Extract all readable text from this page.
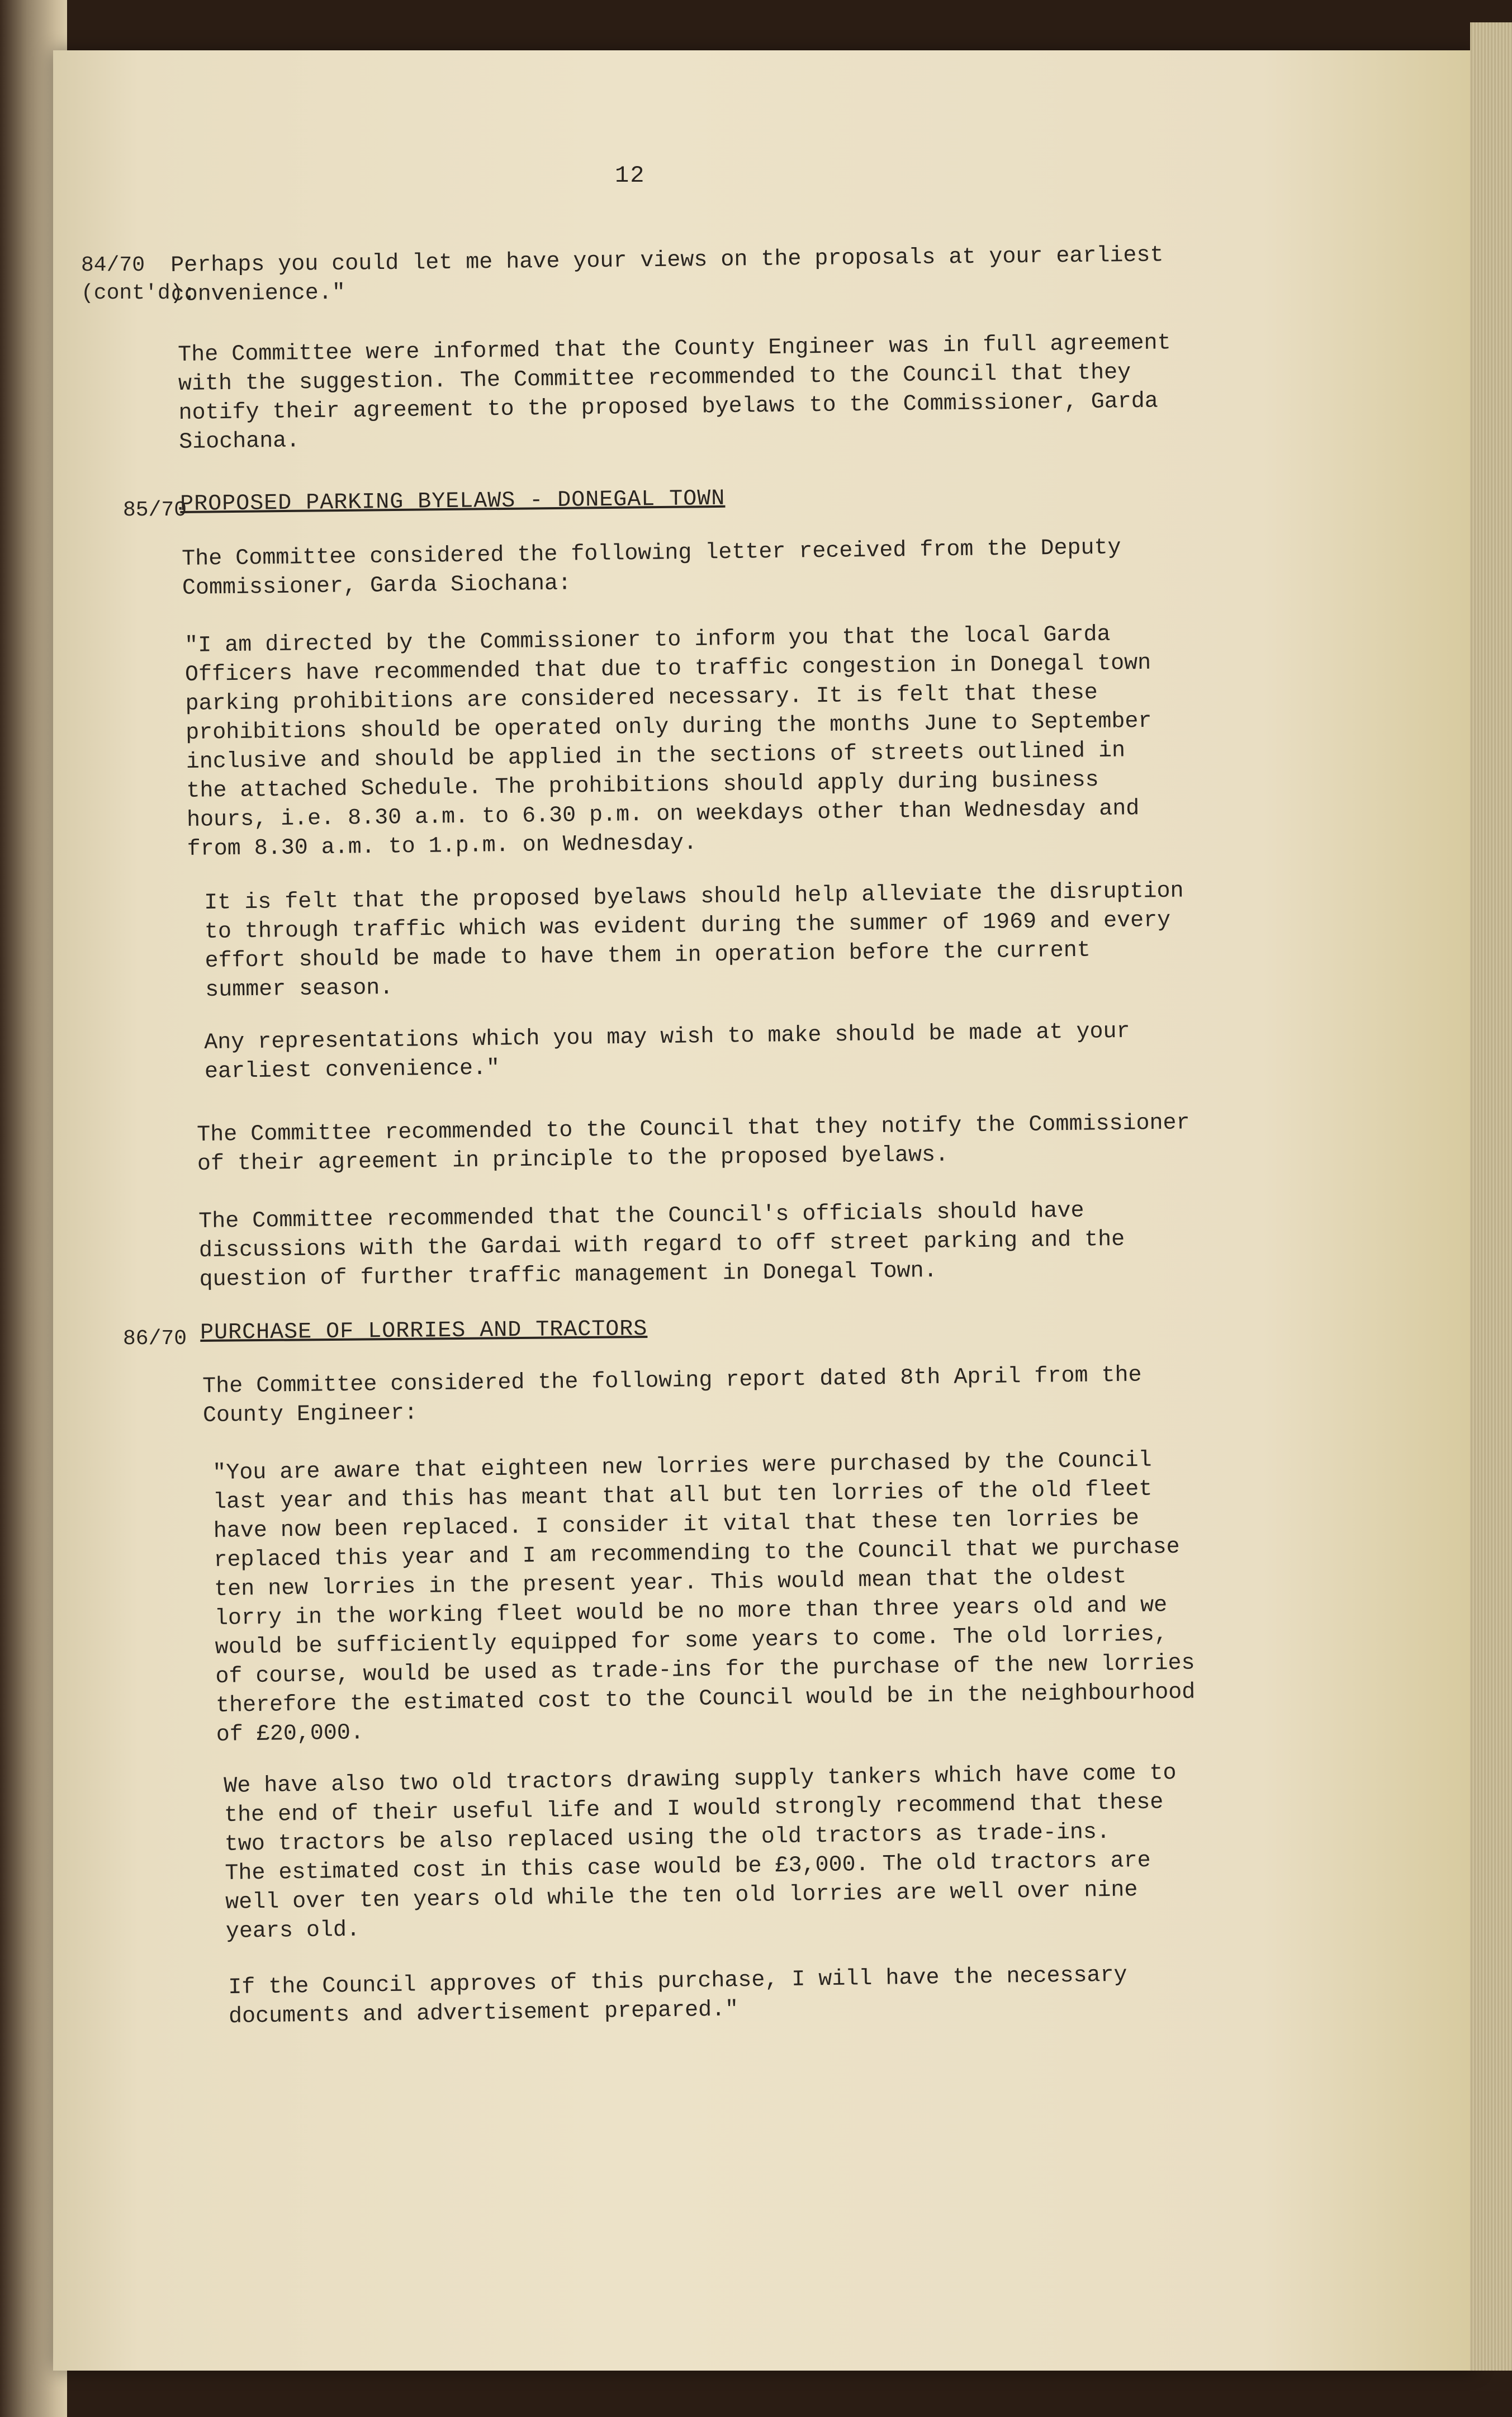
12
84/70
(cont'd):
Perhaps you could let me have your views on the proposals at your earliest
convenience."
The Committee were informed that the County Engineer was in full agreement
with the suggestion. The Committee recommended to the Council that they
notify their agreement to the proposed byelaws to the Commissioner, Garda
Siochana.
85/70
PROPOSED PARKING BYELAWS - DONEGAL TOWN
The Committee considered the following letter received from the Deputy
Commissioner, Garda Siochana:
"I am directed by the Commissioner to inform you that the local Garda
Officers have recommended that due to traffic congestion in Donegal town
parking prohibitions are considered necessary. It is felt that these
prohibitions should be operated only during the months June to September
inclusive and should be applied in the sections of streets outlined in
the attached Schedule. The prohibitions should apply during business
hours, i.e. 8.30 a.m. to 6.30 p.m. on weekdays other than Wednesday and
from 8.30 a.m. to 1.p.m. on Wednesday.
It is felt that the proposed byelaws should help alleviate the disruption
to through traffic which was evident during the summer of 1969 and every
effort should be made to have them in operation before the current
summer season.
Any representations which you may wish to make should be made at your
earliest convenience."
The Committee recommended to the Council that they notify the Commissioner
of their agreement in principle to the proposed byelaws.
The Committee recommended that the Council's officials should have
discussions with the Gardai with regard to off street parking and the
question of further traffic management in Donegal Town.
86/70 PURCHASE OF LORRIES AND TRACTORS
The Committee considered the following report dated 8th April from the
County Engineer:
"You are aware that eighteen new lorries were purchased by the Council
last year and this has meant that all but ten lorries of the old fleet
have now been replaced. I consider it vital that these ten lorries be
replaced this year and I am recommending to the Council that we purchase
ten new lorries in the present year. This would mean that the oldest
lorry in the working fleet would be no more than three years old and we
would be sufficiently equipped for some years to come. The old lorries,
of course, would be used as trade-ins for the purchase of the new lorries
therefore the estimated cost to the Council would be in the neighbourhood
of £20,000.
We have also two old tractors drawing supply tankers which have come to
the end of their useful life and I would strongly recommend that these
two tractors be also replaced using the old tractors as trade-ins.
The estimated cost in this case would be £3,000. The old tractors are
well over ten years old while the ten old lorries are well over nine
years old.
If the Council approves of this purchase, I will have the necessary
documents and advertisement prepared."
